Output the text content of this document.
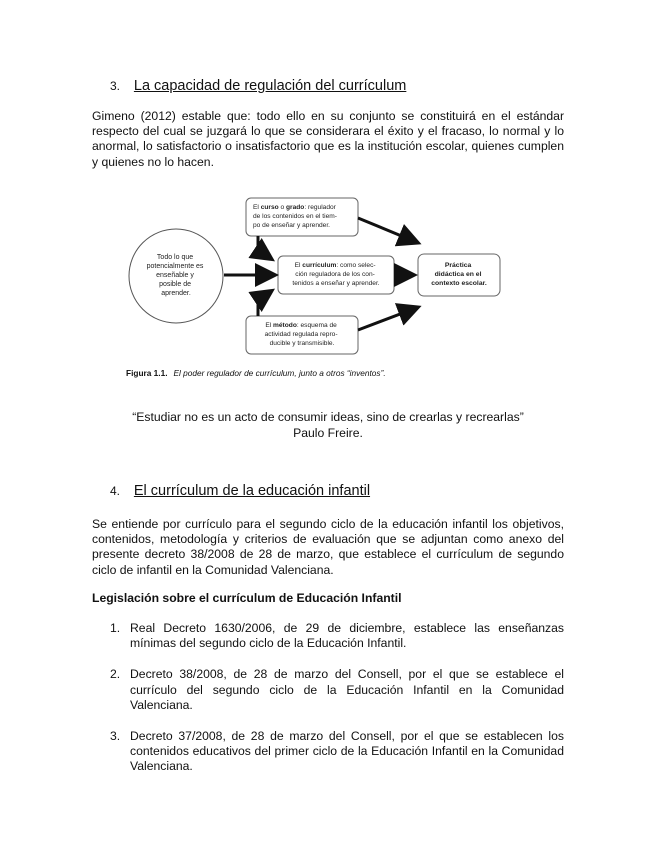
3. La capacidad de regulación del currículum

Gimeno (2012) estable que: todo ello en su conjunto se constituirá en el estándar respecto del cual se juzgará lo que se considerara el éxito y el fracaso, lo normal y lo anormal, lo satisfactorio o insatisfactorio que es la institución escolar, quienes cumplen y quienes no lo hacen.

Todo lo que potencialmente es enseñable y posible de aprender.
El curso o grado: regulador de los contenidos en el tiem- po de enseñar y aprender.
El currículum: como selec- ción reguladora de los con- tenidos a enseñar y aprender.
El método: esquema de actividad regulada repro- ducible y transmisible.
Práctica didáctica en el contexto escolar.
Figura 1.1. El poder regulador de currículum, junto a otros “inventos”.
“Estudiar no es un acto de consumir ideas, sino de crearlas y recrearlas”
Paulo Freire.
4. El currículum de la educación infantil

Se entiende por currículo para el segundo ciclo de la educación infantil los objetivos, contenidos, metodología y criterios de evaluación que se adjuntan como anexo del presente decreto 38/2008 de 28 de marzo, que establece el currículum de segundo ciclo de infantil en la Comunidad Valenciana.

Legislación sobre el currículum de Educación Infantil
1. Real Decreto 1630/2006, de 29 de diciembre, establece las enseñanzas mínimas del segundo ciclo de la Educación Infantil.
2. Decreto 38/2008, de 28 de marzo del Consell, por el que se establece el currículo del segundo ciclo de la Educación Infantil en la Comunidad Valenciana.
3. Decreto 37/2008, de 28 de marzo del Consell, por el que se establecen los contenidos educativos del primer ciclo de la Educación Infantil en la Comunidad Valenciana.
